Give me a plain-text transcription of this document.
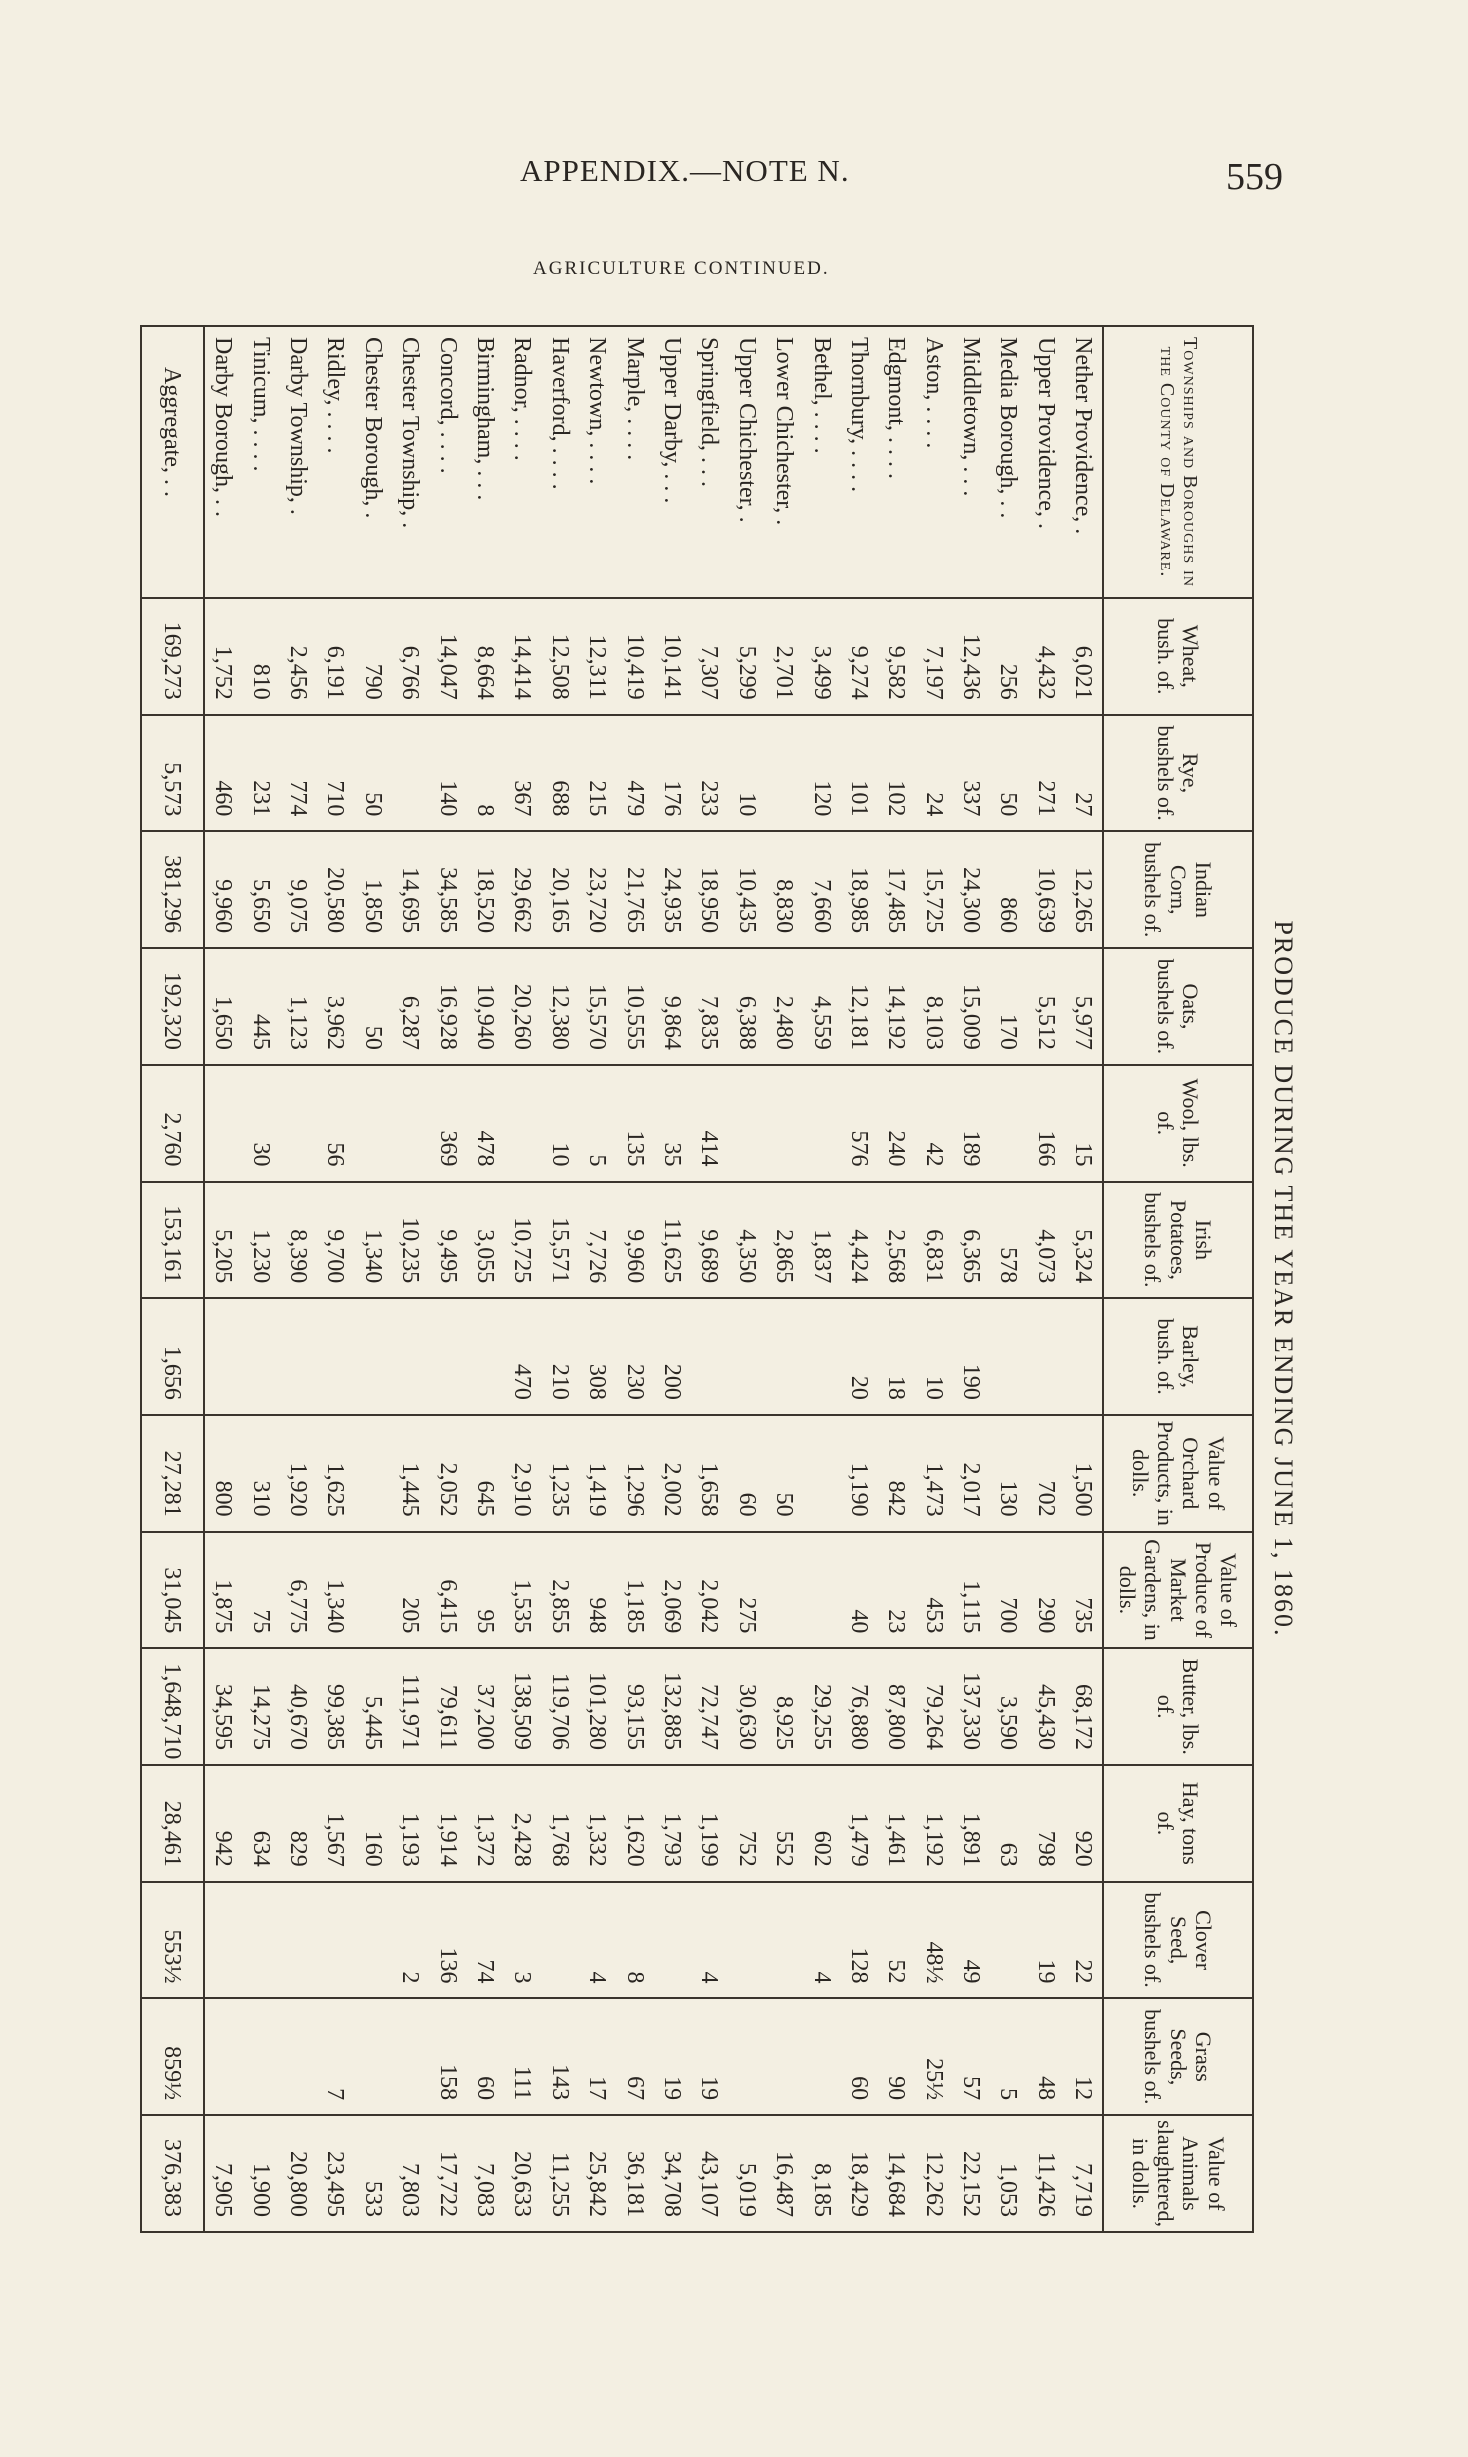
APPENDIX.—NOTE N.	559
AGRICULTURE CONTINUED.
PRODUCE DURING THE YEAR ENDING JUNE 1, 1860.
Townships and Boroughs in the County of Delaware.	Wheat, bush. of.	Rye, bushels of.	Indian Corn, bushels of.	Oats, bushels of.	Wool, lbs. of.	Irish Potatoes, bushels of.	Barley, bush. of.	Value of Orchard Products, in dolls.	Value of Produce of Market Gardens, in dolls.	Butter, lbs. of.	Hay, tons of.	Clover Seed, bushels of.	Grass Seeds, bushels of.	Value of Animals slaughtered, in dolls.
Nether Providence, .	6,021	27	12,265	5,977	15	5,324		1,500	735	68,172	920	22	12	7,719
Upper Providence, .	4,432	271	10,639	5,512	166	4,073		702	290	45,430	798	19	48	11,426
Media Borough, . .	256	50	860	170		578		130	700	3,590	63		5	1,053
Middletown, . . .	12,436	337	24,300	15,009	189	6,365	190	2,017	1,115	137,330	1,891	49	57	22,152
Aston, . . . .	7,197	24	15,725	8,103	42	6,831	10	1,473	453	79,264	1,192	48½	25½	12,262
Edgmont, . . . .	9,582	102	17,485	14,192	240	2,568	18	842	23	87,800	1,461	52	90	14,684
Thornbury, . . . .	9,274	101	18,985	12,181	576	4,424	20	1,190	40	76,880	1,479	128	60	18,429
Bethel, . . . .	3,499	120	7,660	4,559		1,837				29,255	602	4		8,185
Lower Chichester, .	2,701		8,830	2,480		2,865		50		8,925	552			16,487
Upper Chichester, .	5,299	10	10,435	6,388		4,350		60	275	30,630	752			5,019
Springfield, . . .	7,307	233	18,950	7,835	414	9,689		1,658	2,042	72,747	1,199	4	19	43,107
Upper Darby, . . .	10,141	176	24,935	9,864	35	11,625	200	2,002	2,069	132,885	1,793		19	34,708
Marple, . . . .	10,419	479	21,765	10,555	135	9,960	230	1,296	1,185	93,155	1,620	8	67	36,181
Newtown, . . . .	12,311	215	23,720	15,570	5	7,726	308	1,419	948	101,280	1,332	4	17	25,842
Haverford, . . . .	12,508	688	20,165	12,380	10	15,571	210	1,235	2,855	119,706	1,768		143	11,255
Radnor, . . . .	14,414	367	29,662	20,260		10,725	470	2,910	1,535	138,509	2,428	3	111	20,633
Birmingham, . . .	8,664	8	18,520	10,940	478	3,055		645	95	37,200	1,372	74	60	7,083
Concord, . . . .	14,047	140	34,585	16,928	369	9,495		2,052	6,415	79,611	1,914	136	158	17,722
Chester Township, .	6,766		14,695	6,287		10,235		1,445	205	111,971	1,193	2		7,803
Chester Borough, .	790	50	1,850	50		1,340				5,445	160			533
Ridley, . . . .	6,191	710	20,580	3,962	56	9,700		1,625	1,340	99,385	1,567		7	23,495
Darby Township, .	2,456	774	9,075	1,123		8,390		1,920	6,775	40,670	829			20,800
Tinicum, . . . .	810	231	5,650	445	30	1,230		310	75	14,275	634			1,900
Darby Borough, . .	1,752	460	9,960	1,650		5,205		800	1,875	34,595	942			7,905
Aggregate, . .	169,273	5,573	381,296	192,320	2,760	153,161	1,656	27,281	31,045	1,648,710	28,461	553½	859½	376,383
